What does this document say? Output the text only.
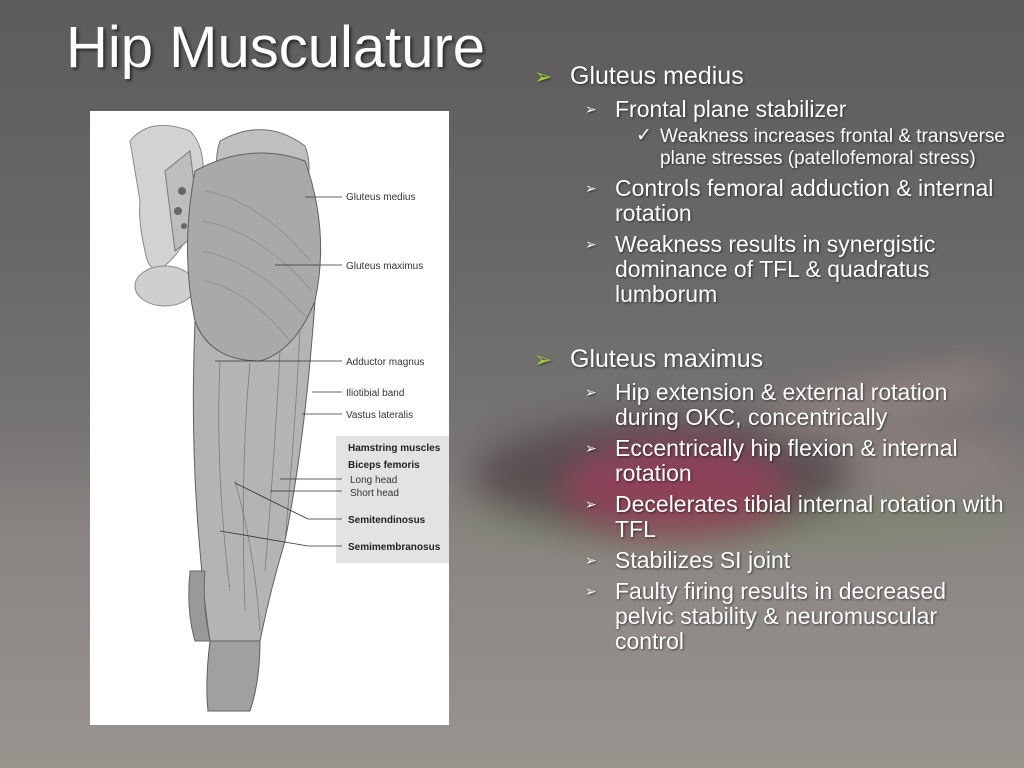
Hip Musculature
Gluteus medius
Gluteus maximus
Adductor magnus
Iliotibial band
Vastus lateralis
Hamstring muscles
Biceps femoris
Long head
Short head
Semitendinosus
Semimembranosus
➢ Gluteus medius
➢ Frontal plane stabilizer
✓ Weakness increases frontal & transverse plane stresses (patellofemoral stress)
➢ Controls femoral adduction & internal rotation
➢ Weakness results in synergistic dominance of TFL & quadratus lumborum
➢ Gluteus maximus
➢ Hip extension & external rotation during OKC, concentrically
➢ Eccentrically hip flexion & internal rotation
➢ Decelerates tibial internal rotation with TFL
➢ Stabilizes SI joint
➢ Faulty firing results in decreased pelvic stability & neuromuscular control
